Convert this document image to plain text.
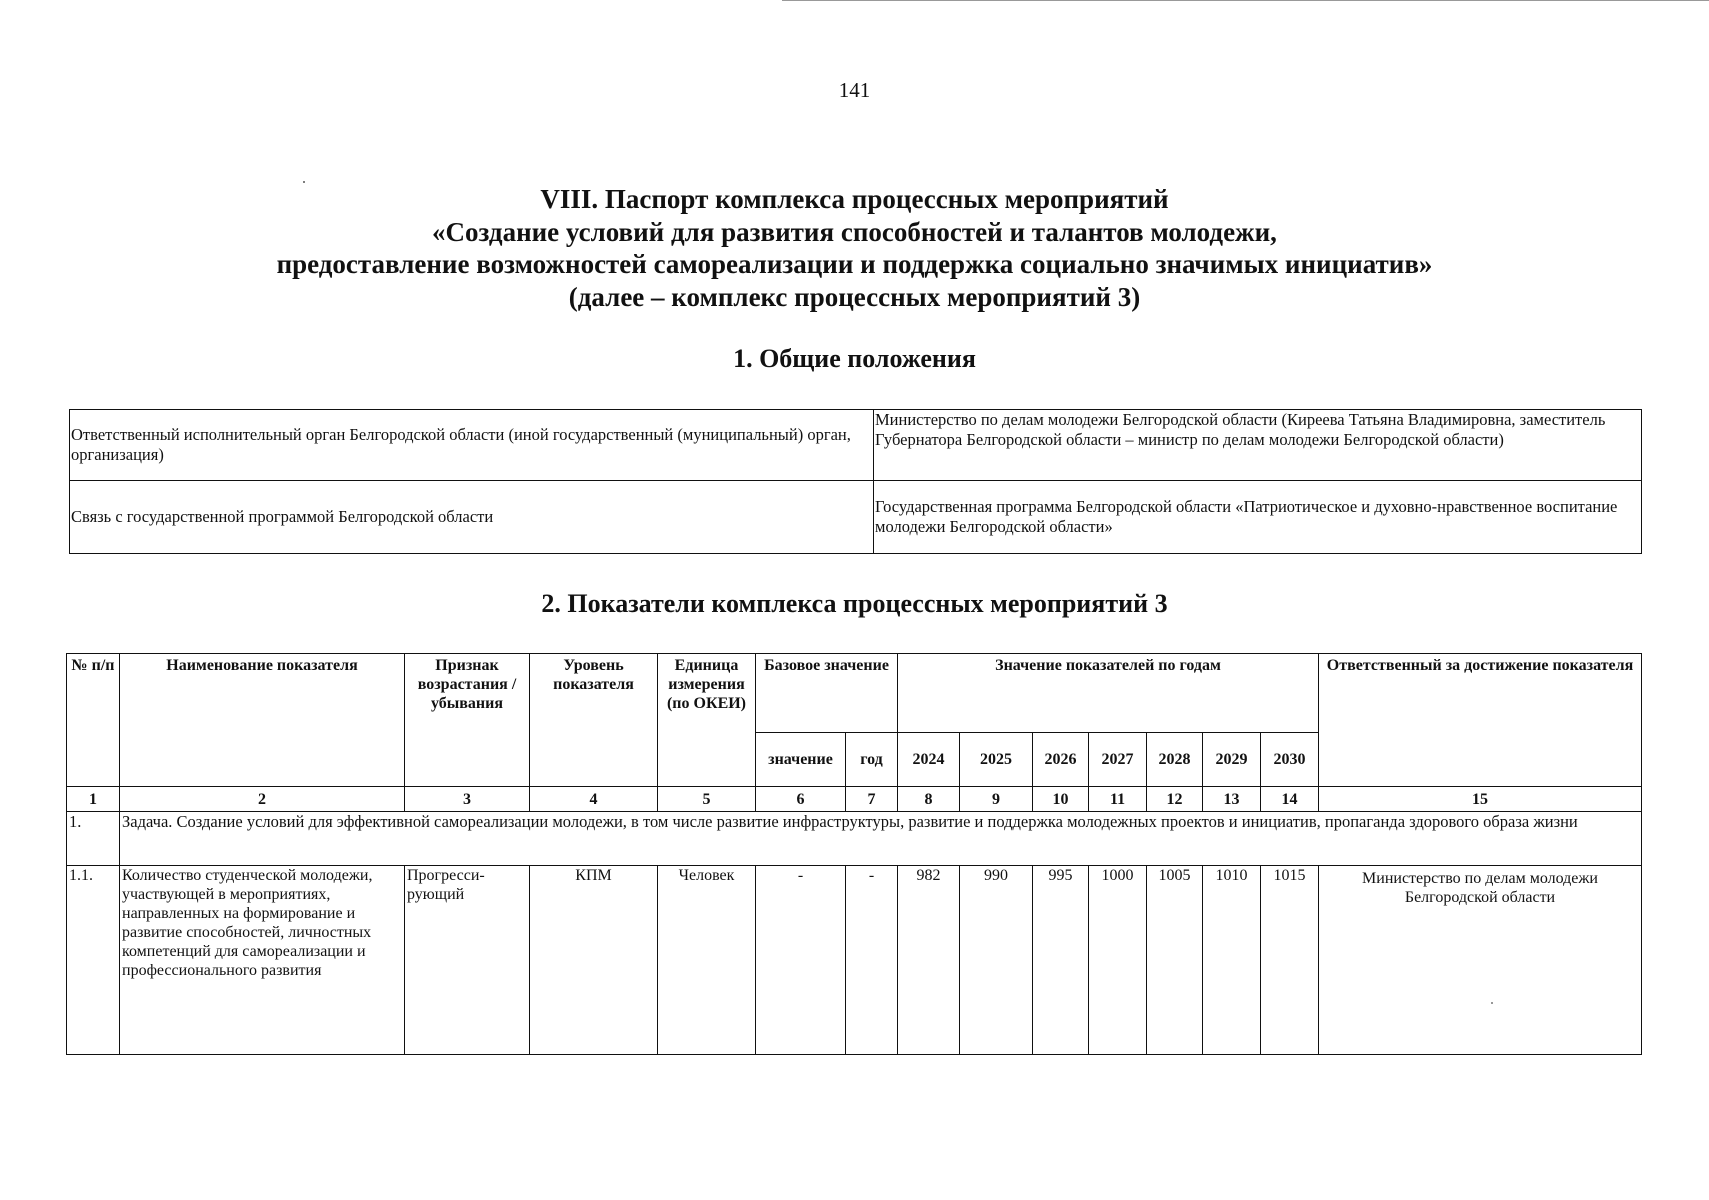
141
VIII. Паспорт комплекса процессных мероприятий
«Создание условий для развития способностей и талантов молодежи,
предоставление возможностей самореализации и поддержка социально значимых инициатив»
(далее – комплекс процессных мероприятий 3)
1. Общие положения
Ответственный исполнительный орган Белгородской области (иной государственный (муниципальный) орган, организация)	Министерство по делам молодежи Белгородской области (Киреева Татьяна Владимировна, заместитель Губернатора Белгородской области – министр по делам молодежи Белгородской области)
Связь с государственной программой Белгородской области	Государственная программа Белгородской области «Патриотическое и духовно-нравственное воспитание молодежи Белгородской области»
2. Показатели комплекса процессных мероприятий 3
№ п/п	Наименование показателя	Признак возрастания / убывания	Уровень показателя	Единица измерения (по ОКЕИ)	Базовое значение		Значение показателей по годам							Ответственный за достижение показателя
					значение	год	2024	2025	2026	2027	2028	2029	2030	
1	2	3	4	5	6	7	8	9	10	11	12	13	14	15
1.	Задача. Создание условий для эффективной самореализации молодежи, в том числе развитие инфраструктуры, развитие и поддержка молодежных проектов и инициатив, пропаганда здорового образа жизни													
1.1.	Количество студенческой молодежи, участвующей в мероприятиях, направленных на формирование и развитие способностей, личностных компетенций для самореализации и профессионального развития	Прогресси-рующий	КПМ	Человек	-	-	982	990	995	1000	1005	1010	1015	Министерство по делам молодежи Белгородской области
